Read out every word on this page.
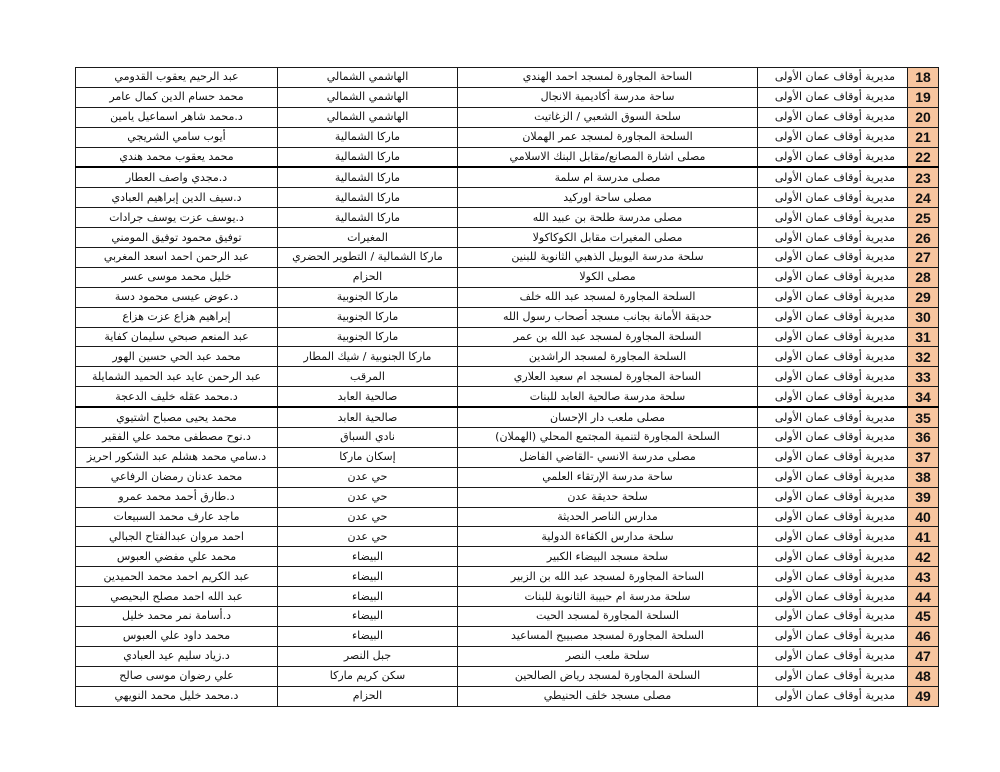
18	مديرية أوقاف عمان الأولى	الساحة المجاورة لمسجد احمد الهندي	الهاشمي الشمالي	عبد الرحيم يعقوب القدومي
19	مديرية أوقاف عمان الأولى	ساحة مدرسة أكاديمية الانجال	الهاشمي الشمالي	محمد حسام الدين كمال عامر
20	مديرية أوقاف عمان الأولى	سلحة السوق الشعبي / الزغاتيت	الهاشمي الشمالي	د.محمد شاهر اسماعيل يامين
21	مديرية أوقاف عمان الأولى	السلحة المجاورة لمسجد عمر الهملان	ماركا الشمالية	أيوب سامي الشريجي
22	مديرية أوقاف عمان الأولى	مصلى اشارة المصانع/مقابل البنك الاسلامي	ماركا الشمالية	محمد يعقوب محمد هندي
23	مديرية أوقاف عمان الأولى	مصلى مدرسة ام سلمة	ماركا الشمالية	د.مجدي واصف العطار
24	مديرية أوقاف عمان الأولى	مصلى ساحة اوركيد	ماركا الشمالية	د.سيف الدين إبراهيم العبادي
25	مديرية أوقاف عمان الأولى	مصلى مدرسة طلحة بن عبيد الله	ماركا الشمالية	د.يوسف عزت يوسف جرادات
26	مديرية أوقاف عمان الأولى	مصلى المغيرات مقابل الكوكاكولا	المغيرات	توفيق محمود توفيق المومني
27	مديرية أوقاف عمان الأولى	سلحة مدرسة اليوبيل الذهبي الثانوية للبنين	ماركا الشمالية / التطوير الحضري	عبد الرحمن احمد اسعد المغربي
28	مديرية أوقاف عمان الأولى	مصلى الكولا	الحزام	خليل محمد موسى عسر
29	مديرية أوقاف عمان الأولى	السلحة المجاورة لمسجد عبد الله خلف	ماركا الجنوبية	د.عوض عيسى محمود دسة
30	مديرية أوقاف عمان الأولى	حديقة الأمانة بجانب مسجد أصحاب رسول الله	ماركا الجنوبية	إبراهيم هزاع عزت هزاع
31	مديرية أوقاف عمان الأولى	السلحة المجاورة لمسجد عبد الله بن عمر	ماركا الجنوبية	عبد المنعم صبحي سليمان كفاية
32	مديرية أوقاف عمان الأولى	السلحة المجاورة لمسجد الراشدين	ماركا الجنوبية / شيك المطار	محمد عبد الحي حسين الهور
33	مديرية أوقاف عمان الأولى	الساحة المجاورة لمسجد ام سعيد العلاري	المرقب	عبد الرحمن عايد عبد الحميد الشمايلة
34	مديرية أوقاف عمان الأولى	سلحة مدرسة صالحية العابد للبنات	صالحية العابد	د.محمد عقله خليف الدعجة
35	مديرية أوقاف عمان الأولى	مصلى ملعب دار الإحسان	صالحية العابد	محمد يحيى مصباح اشتيوي
36	مديرية أوقاف عمان الأولى	السلحة المجاورة لتنمية المجتمع المحلي (الهملان)	نادي السباق	د.نوح مصطفى محمد علي الفقير
37	مديرية أوقاف عمان الأولى	مصلى مدرسة الانسي -القاضي الفاضل	إسكان ماركا	د.سامي محمد هشلم عبد الشكور احريز
38	مديرية أوقاف عمان الأولى	ساحة مدرسة الإرتقاء العلمي	حي عدن	محمد عدنان رمضان الرفاعي
39	مديرية أوقاف عمان الأولى	سلحة حديقة عدن	حي عدن	د.طارق أحمد محمد عمرو
40	مديرية أوقاف عمان الأولى	مدارس الناصر الحديثة	حي عدن	ماجد عارف محمد السبيعات
41	مديرية أوقاف عمان الأولى	سلحة مدارس الكفاءة الدولية	حي عدن	احمد مروان عبدالفتاح الجبالي
42	مديرية أوقاف عمان الأولى	سلحة مسجد البيضاء الكبير	البيضاء	محمد علي مفضي العبوس
43	مديرية أوقاف عمان الأولى	الساحة المجاورة لمسجد عبد الله بن الزبير	البيضاء	عبد الكريم احمد محمد الحميدين
44	مديرية أوقاف عمان الأولى	سلحة مدرسة ام حبيبة الثانوية للبنات	البيضاء	عبد الله احمد مصلح البحيصي
45	مديرية أوقاف عمان الأولى	السلحة المجاورة لمسجد الحيت	البيضاء	د.أسامة نمر محمد خليل
46	مديرية أوقاف عمان الأولى	السلحة المجاورة لمسجد مصبيبح المساعيد	البيضاء	محمد داود علي العبوس
47	مديرية أوقاف عمان الأولى	سلحة ملعب النصر	جبل النصر	د.زياد سليم عيد العبادي
48	مديرية أوقاف عمان الأولى	السلحة المجاورة لمسجد رياض الصالحين	سكن كريم ماركا	علي رضوان موسى صالح
49	مديرية أوقاف عمان الأولى	مصلى مسجد خلف الحنيطي	الحزام	د.محمد خليل محمد النويهي
